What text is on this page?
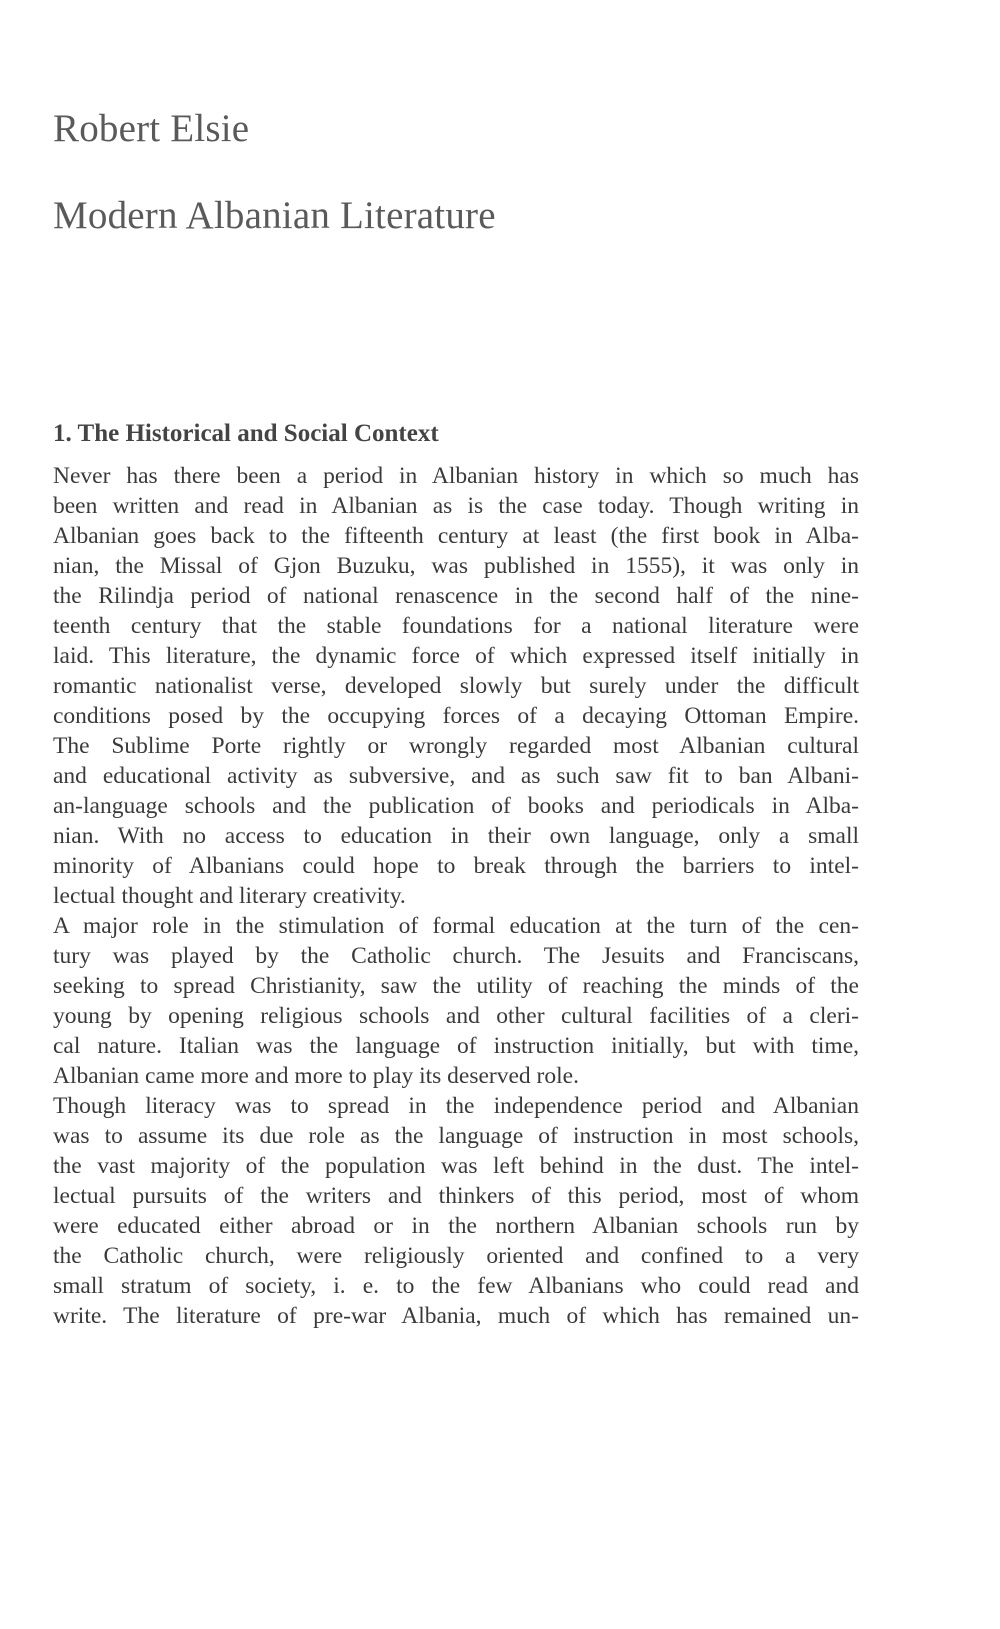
Robert Elsie
Modern Albanian Literature
1. The Historical and Social Context
Never has there been a period in Albanian history in which so much has
been written and read in Albanian as is the case today. Though writing in
Albanian goes back to the fifteenth century at least (the first book in Alba-
nian, the Missal of Gjon Buzuku, was published in 1555), it was only in
the Rilindja period of national renascence in the second half of the nine-
teenth century that the stable foundations for a national literature were
laid. This literature, the dynamic force of which expressed itself initially in
romantic nationalist verse, developed slowly but surely under the difficult
conditions posed by the occupying forces of a decaying Ottoman Empire.
The Sublime Porte rightly or wrongly regarded most Albanian cultural
and educational activity as subversive, and as such saw fit to ban Albani-
an-language schools and the publication of books and periodicals in Alba-
nian. With no access to education in their own language, only a small
minority of Albanians could hope to break through the barriers to intel-
lectual thought and literary creativity.
A major role in the stimulation of formal education at the turn of the cen-
tury was played by the Catholic church. The Jesuits and Franciscans,
seeking to spread Christianity, saw the utility of reaching the minds of the
young by opening religious schools and other cultural facilities of a cleri-
cal nature. Italian was the language of instruction initially, but with time,
Albanian came more and more to play its deserved role.
Though literacy was to spread in the independence period and Albanian
was to assume its due role as the language of instruction in most schools,
the vast majority of the population was left behind in the dust. The intel-
lectual pursuits of the writers and thinkers of this period, most of whom
were educated either abroad or in the northern Albanian schools run by
the Catholic church, were religiously oriented and confined to a very
small stratum of society, i. e. to the few Albanians who could read and
write. The literature of pre-war Albania, much of which has remained un-
